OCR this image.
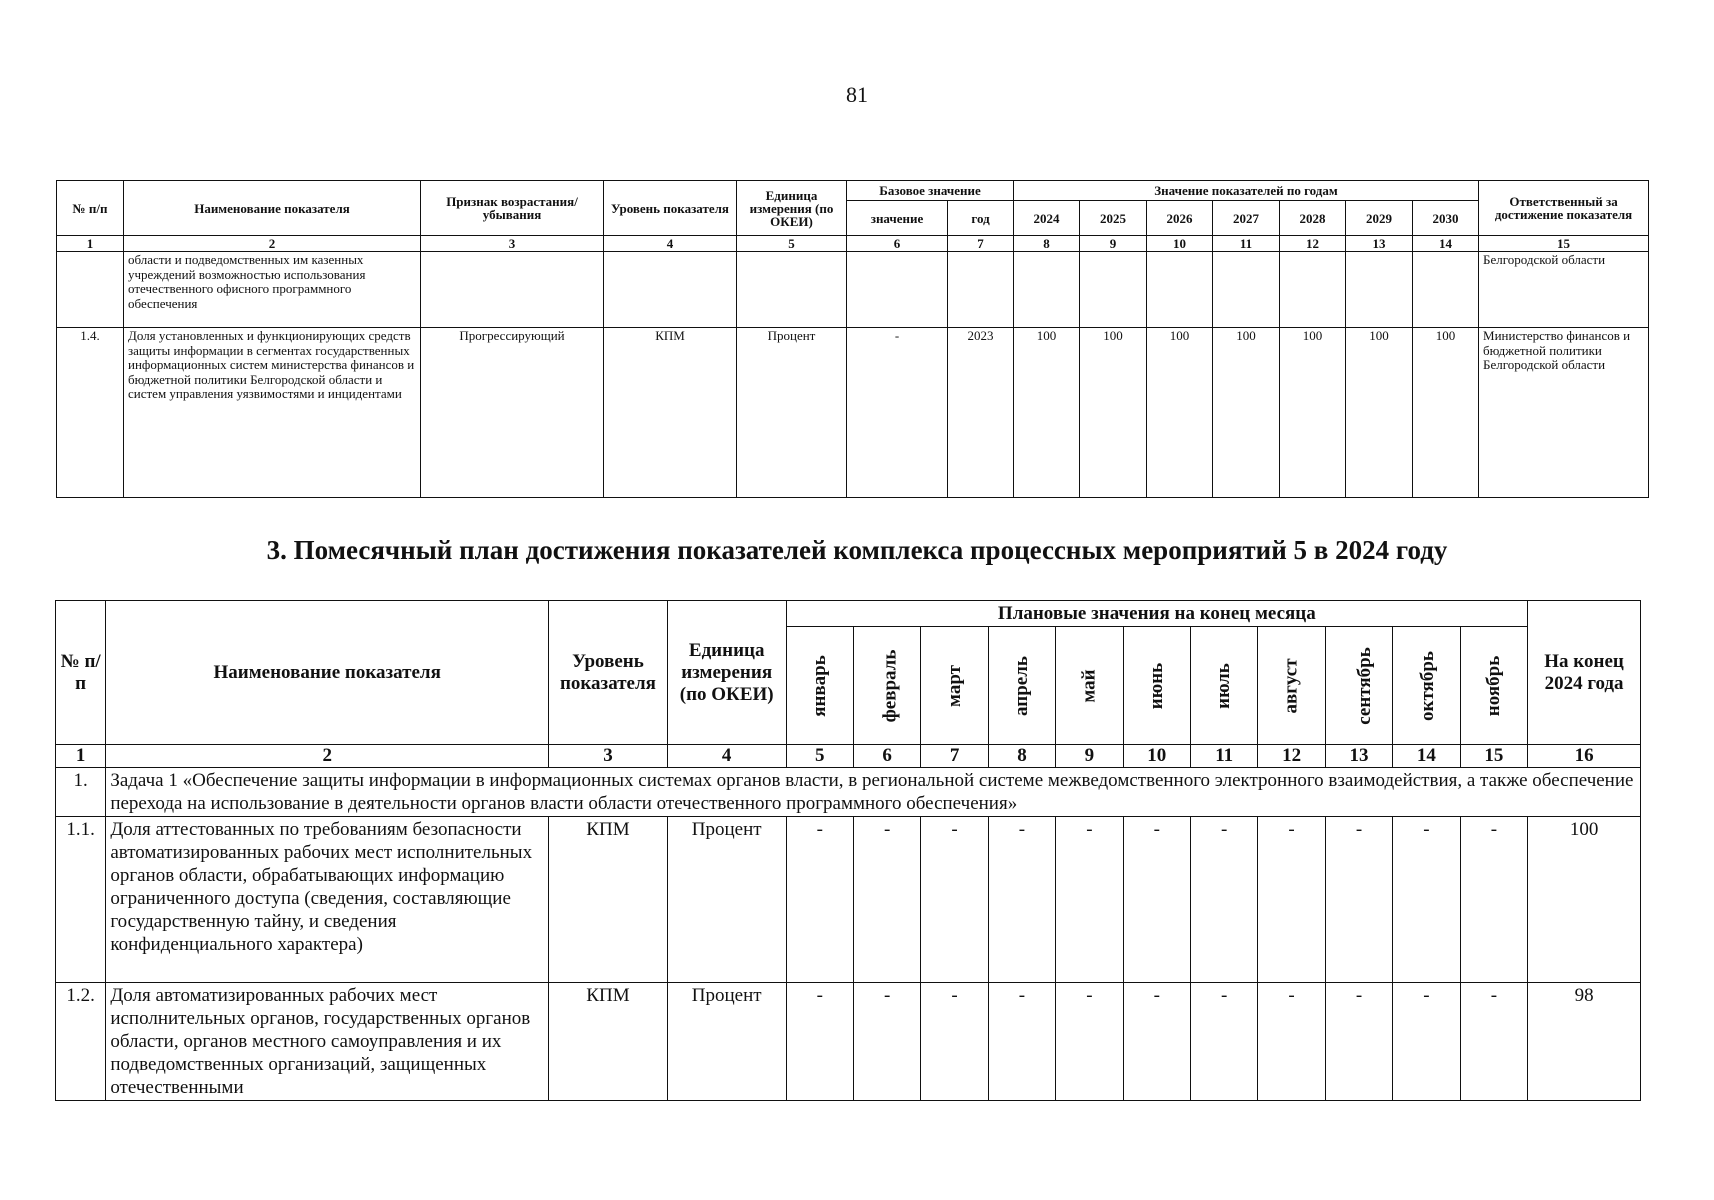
81
№ п/п	Наименование показателя	Признак возрастания/ убывания	Уровень показателя	Единица измерения (по ОКЕИ)	Базовое значение		Значение показателей по годам							Ответственный за достижение показателя
					значение	год	2024	2025	2026	2027	2028	2029	2030	
1	2	3	4	5	6	7	8	9	10	11	12	13	14	15
	области и подведомственных им казенных учреждений возможностью использования отечественного офисного программного обеспечения													Белгородской области
1.4.	Доля установленных и функционирующих средств защиты информации в сегментах государственных информационных систем министерства финансов и бюджетной политики Белгородской области и систем управления уязвимостями и инцидентами	Прогрессирующий	КПМ	Процент	-	2023	100	100	100	100	100	100	100	Министерство финансов и бюджетной политики Белгородской области
3. Помесячный план достижения показателей комплекса процессных мероприятий 5 в 2024 году
№ п/п	Наименование показателя	Уровень показателя	Единица измерения (по ОКЕИ)	Плановые значения на конец месяца											На конец 2024 года
				январь	февраль	март	апрель	май	июнь	июль	август	сентябрь	октябрь	ноябрь	
1	2	3	4	5	6	7	8	9	10	11	12	13	14	15	16
1.	Задача 1 «Обеспечение защиты информации в информационных системах органов власти, в региональной системе межведомственного электронного взаимодействия, а также обеспечение перехода на использование в деятельности органов власти области отечественного программного обеспечения»														
1.1.	Доля аттестованных по требованиям безопасности автоматизированных рабочих мест исполнительных органов области, обрабатывающих информацию ограниченного доступа (сведения, составляющие государственную тайну, и сведения конфиденциального характера)	КПМ	Процент	-	-	-	-	-	-	-	-	-	-	-	100
1.2.	Доля автоматизированных рабочих мест исполнительных органов, государственных органов области, органов местного самоуправления и их подведомственных организаций, защищенных отечественными	КПМ	Процент	-	-	-	-	-	-	-	-	-	-	-	98
